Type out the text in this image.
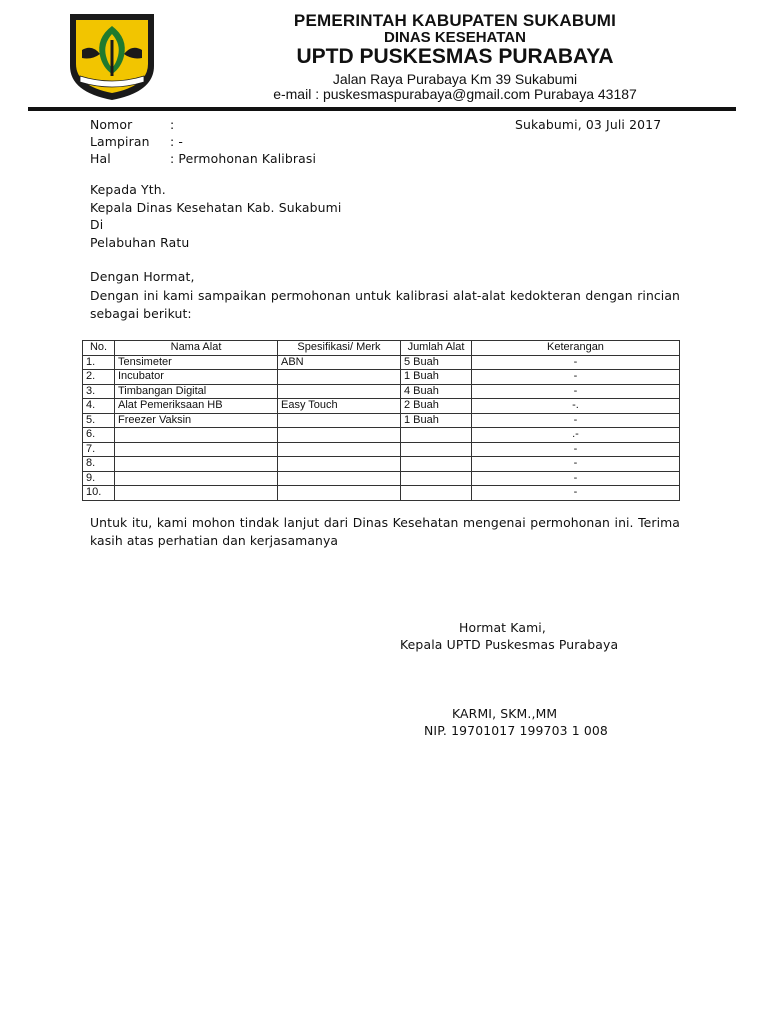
PEMERINTAH KABUPATEN SUKABUMI
DINAS KESEHATAN
UPTD PUSKESMAS PURABAYA
Jalan Raya Purabaya Km 39 Sukabumi
e-mail : puskesmaspurabaya@gmail.com Purabaya 43187
Nomor	:
Lampiran : -
Hal	: Permohonan Kalibrasi
Sukabumi, 03 Juli 2017
Kepada Yth.
Kepala Dinas Kesehatan Kab. Sukabumi
Di
Pelabuhan Ratu
Dengan Hormat,
Dengan ini kami sampaikan permohonan untuk kalibrasi alat-alat kedokteran dengan rincian sebagai berikut:
No.	Nama Alat	Spesifikasi/ Merk	Jumlah Alat	Keterangan
1.	Tensimeter	ABN	5 Buah	-
2.	Incubator		1 Buah	-
3.	Timbangan Digital		4 Buah	-
4.	Alat Pemeriksaan HB	Easy Touch	2 Buah	-.
5.	Freezer Vaksin		1 Buah	-
6.				.-
7.				-
8.				-
9.				-
10.				-
Untuk itu, kami mohon tindak lanjut dari Dinas Kesehatan mengenai permohonan ini. Terima kasih atas perhatian dan kerjasamanya
Hormat Kami,
Kepala UPTD Puskesmas Purabaya
KARMI, SKM.,MM
NIP. 19701017 199703 1 008
